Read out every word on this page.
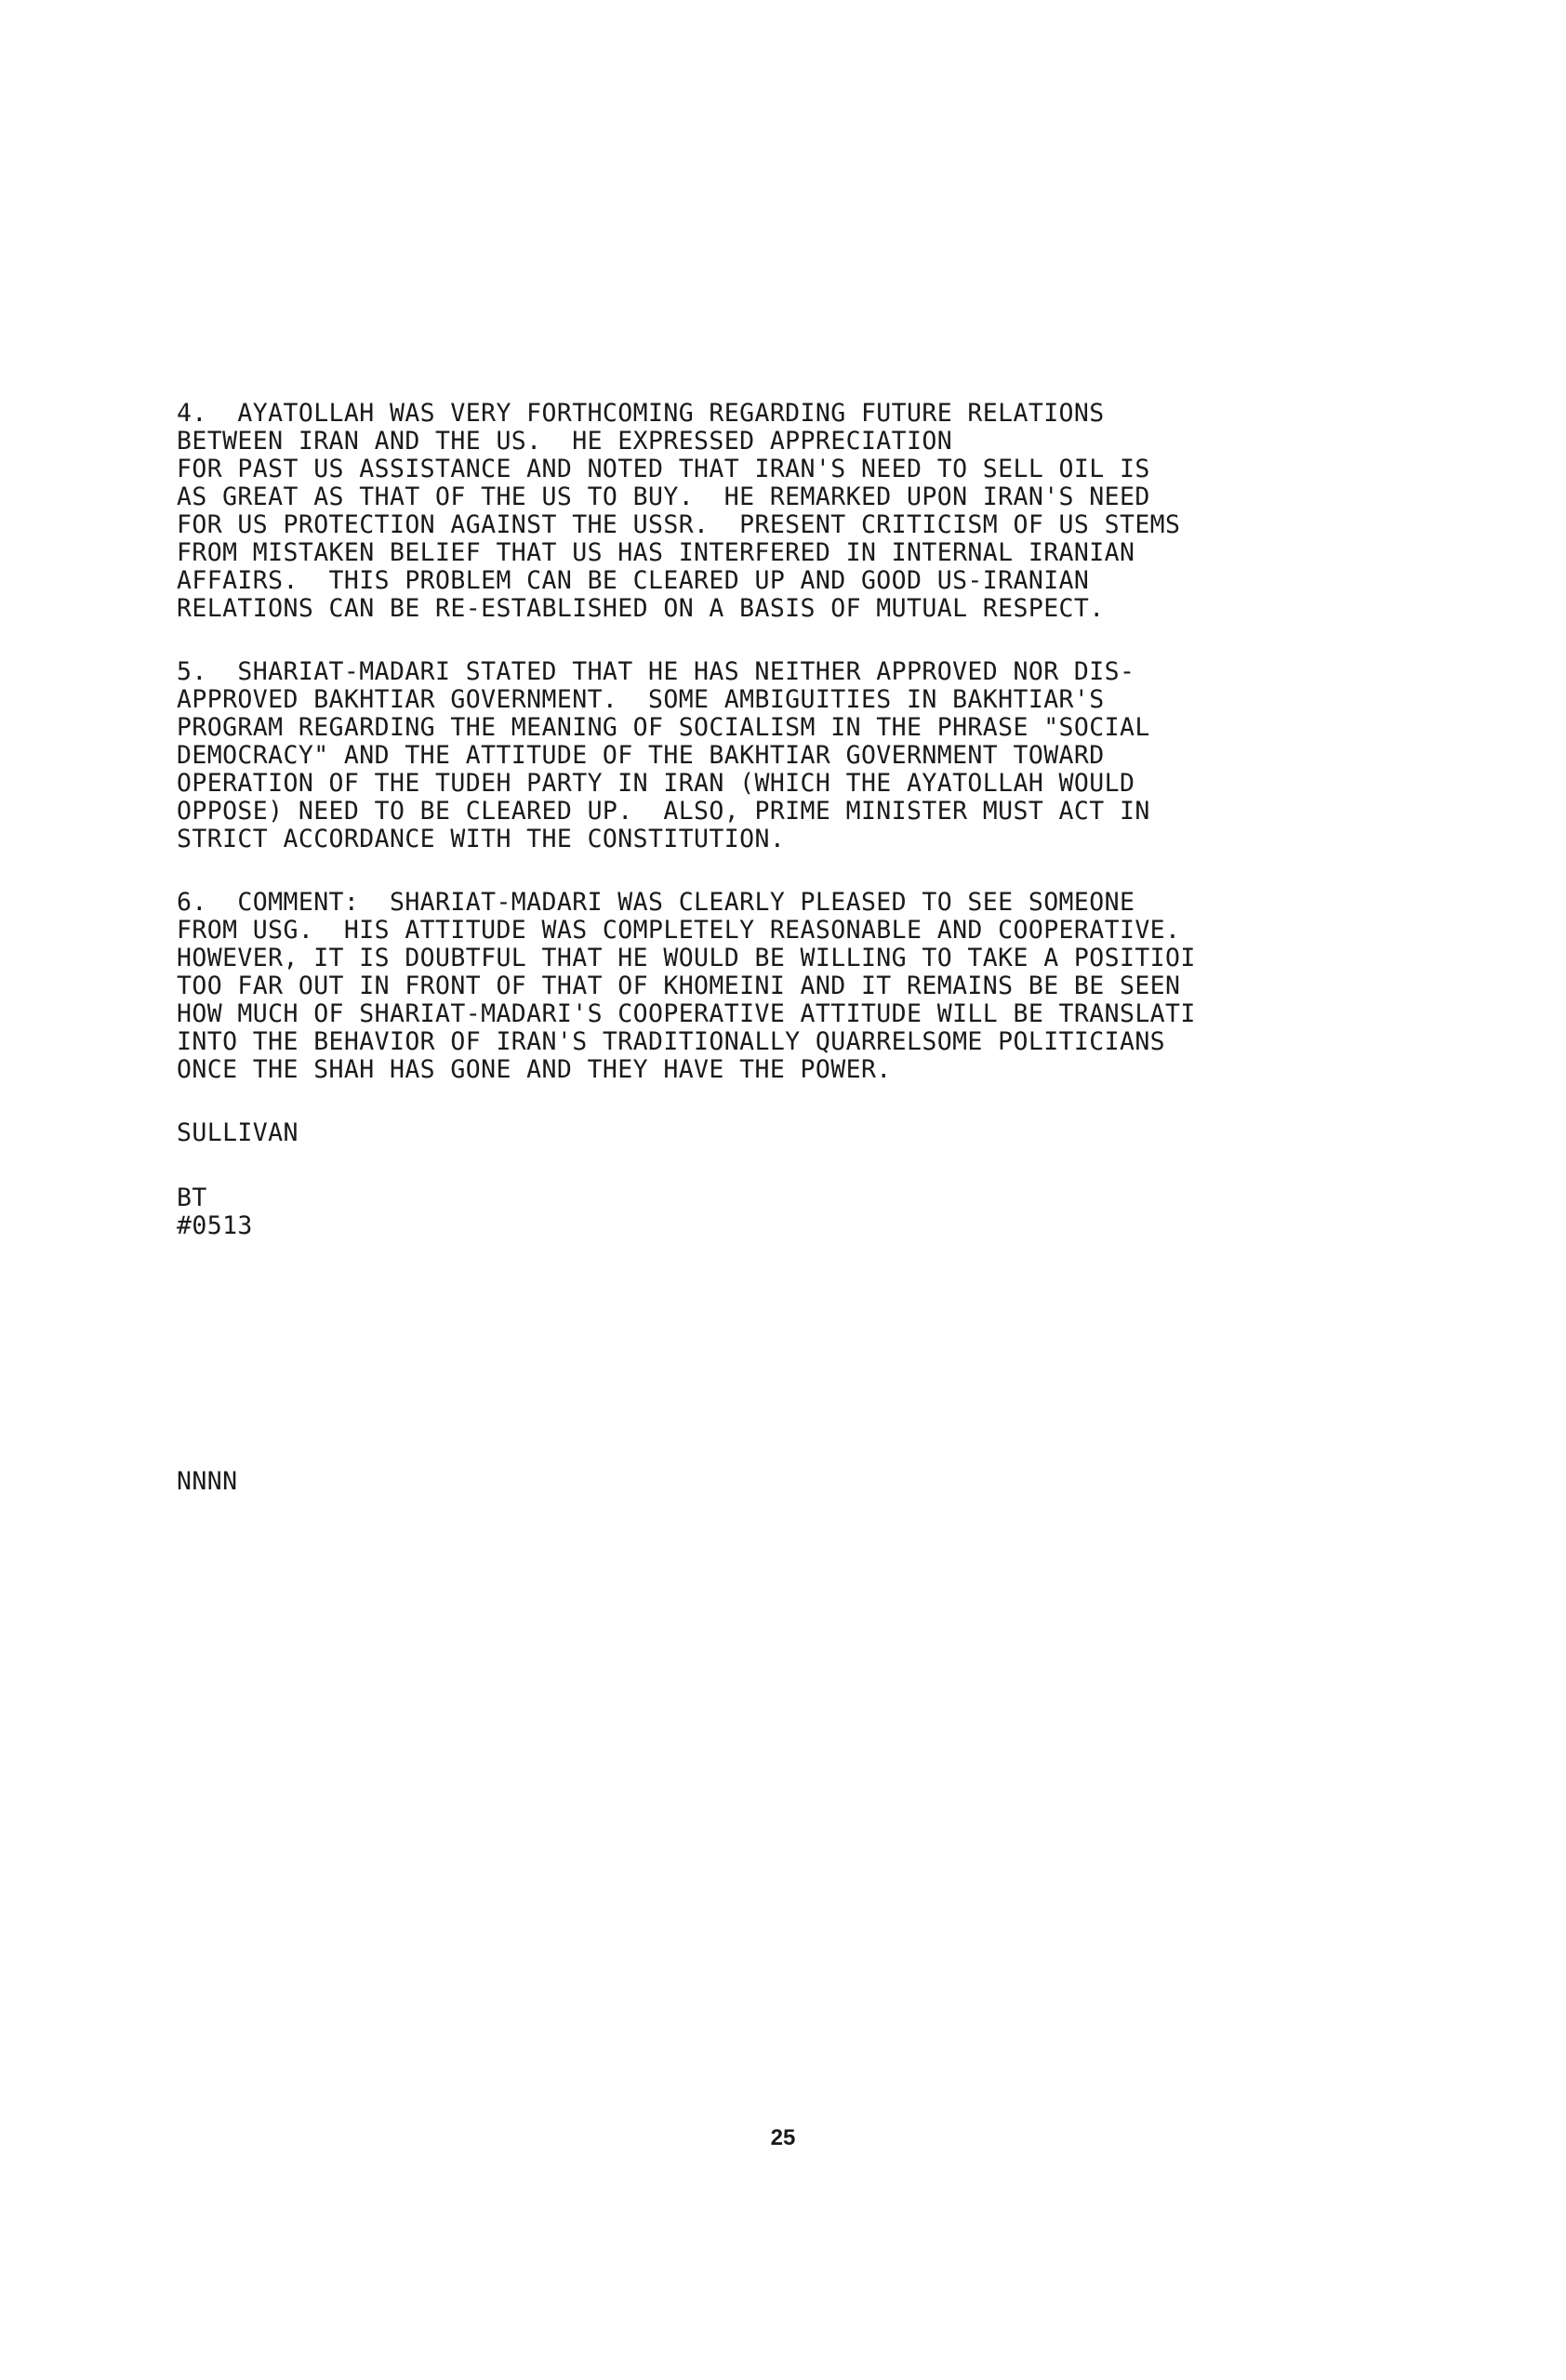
4.  AYATOLLAH WAS VERY FORTHCOMING REGARDING FUTURE RELATIONS
BETWEEN IRAN AND THE US.  HE EXPRESSED APPRECIATION
FOR PAST US ASSISTANCE AND NOTED THAT IRAN'S NEED TO SELL OIL IS
AS GREAT AS THAT OF THE US TO BUY.  HE REMARKED UPON IRAN'S NEED
FOR US PROTECTION AGAINST THE USSR.  PRESENT CRITICISM OF US STEMS
FROM MISTAKEN BELIEF THAT US HAS INTERFERED IN INTERNAL IRANIAN
AFFAIRS.  THIS PROBLEM CAN BE CLEARED UP AND GOOD US-IRANIAN
RELATIONS CAN BE RE-ESTABLISHED ON A BASIS OF MUTUAL RESPECT.
5.  SHARIAT-MADARI STATED THAT HE HAS NEITHER APPROVED NOR DIS-
APPROVED BAKHTIAR GOVERNMENT.  SOME AMBIGUITIES IN BAKHTIAR'S
PROGRAM REGARDING THE MEANING OF SOCIALISM IN THE PHRASE "SOCIAL
DEMOCRACY" AND THE ATTITUDE OF THE BAKHTIAR GOVERNMENT TOWARD
OPERATION OF THE TUDEH PARTY IN IRAN (WHICH THE AYATOLLAH WOULD
OPPOSE) NEED TO BE CLEARED UP.  ALSO, PRIME MINISTER MUST ACT IN
STRICT ACCORDANCE WITH THE CONSTITUTION.
6.  COMMENT:  SHARIAT-MADARI WAS CLEARLY PLEASED TO SEE SOMEONE
FROM USG.  HIS ATTITUDE WAS COMPLETELY REASONABLE AND COOPERATIVE.
HOWEVER, IT IS DOUBTFUL THAT HE WOULD BE WILLING TO TAKE A POSITIOI
TOO FAR OUT IN FRONT OF THAT OF KHOMEINI AND IT REMAINS BE BE SEEN
HOW MUCH OF SHARIAT-MADARI'S COOPERATIVE ATTITUDE WILL BE TRANSLATI
INTO THE BEHAVIOR OF IRAN'S TRADITIONALLY QUARRELSOME POLITICIANS
ONCE THE SHAH HAS GONE AND THEY HAVE THE POWER.
SULLIVAN
BT
#0513
NNNN
25
